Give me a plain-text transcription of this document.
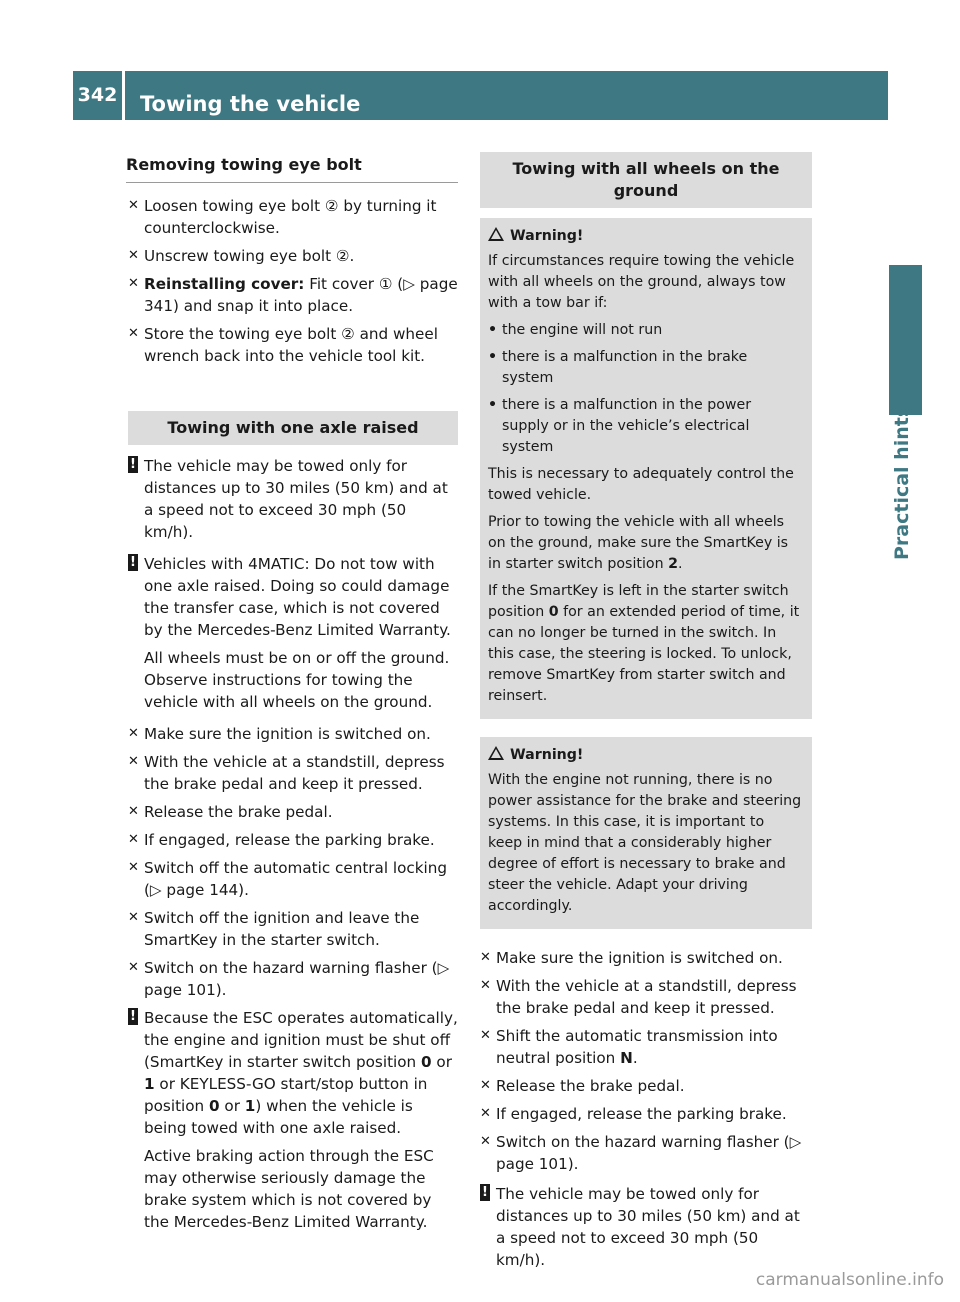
342	Towing the vehicle
Practical hints
Removing towing eye bolt
✕ Loosen towing eye bolt ② by turning it counterclockwise.
✕ Unscrew towing eye bolt ②.
✕ Reinstalling cover: Fit cover ① (▷ page 341) and snap it into place.
✕ Store the towing eye bolt ② and wheel wrench back into the vehicle tool kit.
Towing with one axle raised
! The vehicle may be towed only for distances up to 30 miles (50 km) and at a speed not to exceed 30 mph (50 km/h).

! Vehicles with 4MATIC: Do not tow with one axle raised. Doing so could damage the transfer case, which is not covered by the Mercedes-Benz Limited Warranty.

All wheels must be on or off the ground. Observe instructions for towing the vehicle with all wheels on the ground.

✕ Make sure the ignition is switched on.
✕ With the vehicle at a standstill, depress the brake pedal and keep it pressed.
✕ Release the brake pedal.
✕ If engaged, release the parking brake.
✕ Switch off the automatic central locking (▷ page 144).
✕ Switch off the ignition and leave the SmartKey in the starter switch.
✕ Switch on the hazard warning flasher (▷ page 101).
! Because the ESC operates automatically, the engine and ignition must be shut off (SmartKey in starter switch position 0 or 1 or KEYLESS-GO start/stop button in position 0 or 1) when the vehicle is being towed with one axle raised.

Active braking action through the ESC may otherwise seriously damage the brake system which is not covered by the Mercedes-Benz Limited Warranty.

Towing with all wheels on the ground
Warning!

If circumstances require towing the vehicle with all wheels on the ground, always tow with a tow bar if:

• the engine will not run
• there is a malfunction in the brake system
• there is a malfunction in the power supply or in the vehicle’s electrical system

This is necessary to adequately control the towed vehicle.

Prior to towing the vehicle with all wheels on the ground, make sure the SmartKey is in starter switch position 2.

If the SmartKey is left in the starter switch position 0 for an extended period of time, it can no longer be turned in the switch. In this case, the steering is locked. To unlock, remove SmartKey from starter switch and reinsert.

Warning!

With the engine not running, there is no power assistance for the brake and steering systems. In this case, it is important to keep in mind that a considerably higher degree of effort is necessary to brake and steer the vehicle. Adapt your driving accordingly.

✕ Make sure the ignition is switched on.
✕ With the vehicle at a standstill, depress the brake pedal and keep it pressed.
✕ Shift the automatic transmission into neutral position N.
✕ Release the brake pedal.
✕ If engaged, release the parking brake.
✕ Switch on the hazard warning flasher (▷ page 101).
! The vehicle may be towed only for distances up to 30 miles (50 km) and at a speed not to exceed 30 mph (50 km/h).

carmanualsonline.info
